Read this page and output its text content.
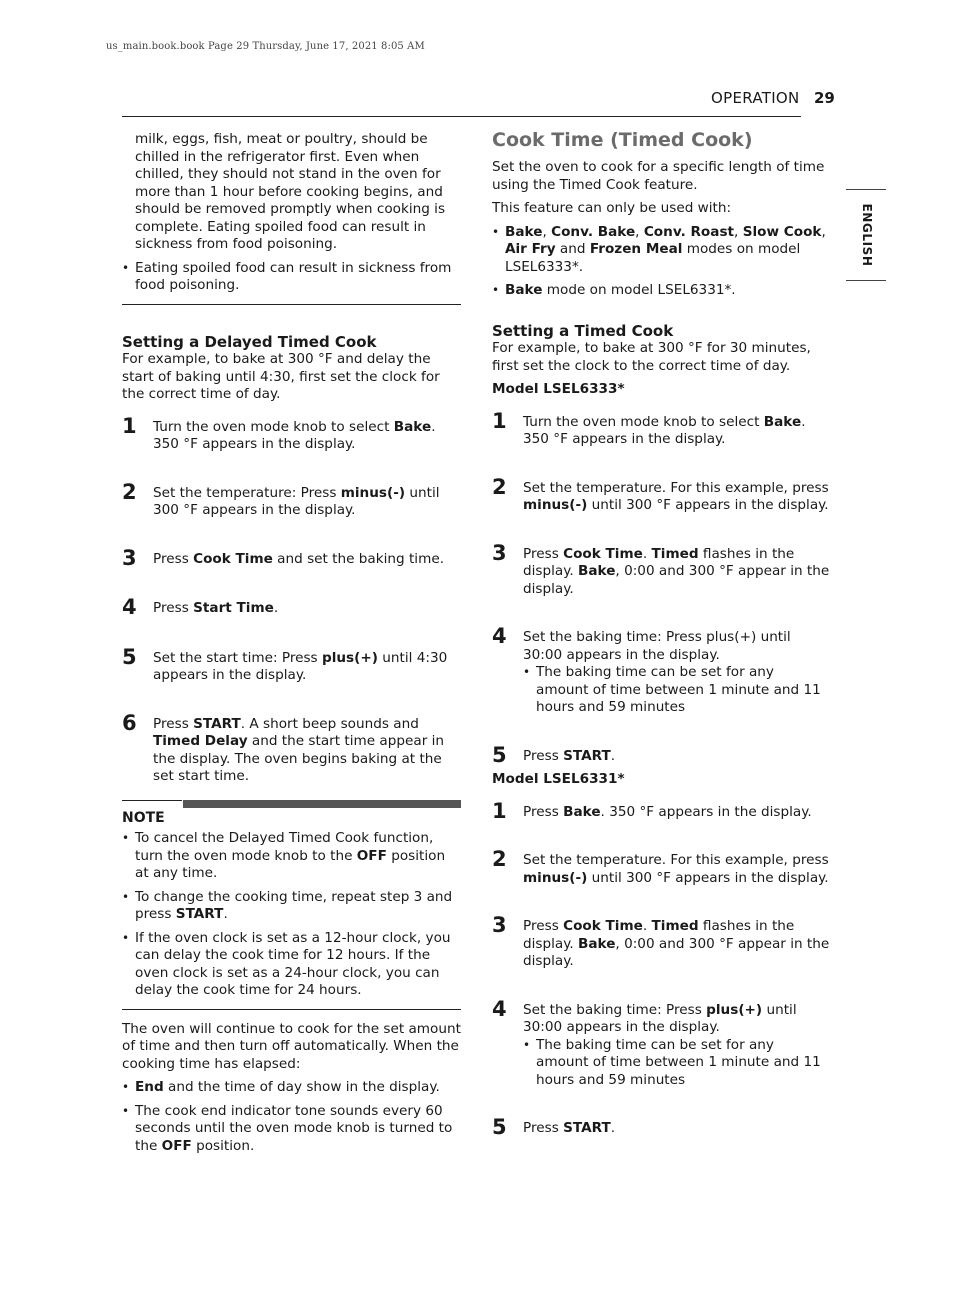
us_main.book.book Page 29 Thursday, June 17, 2021 8:05 AM
OPERATION 29
ENGLISH

milk, eggs, fish, meat or poultry, should be chilled in the refrigerator first. Even when chilled, they should not stand in the oven for more than 1 hour before cooking begins, and should be removed promptly when cooking is complete. Eating spoiled food can result in sickness from food poisoning.

• Eating spoiled food can result in sickness from food poisoning.
Setting a Delayed Timed Cook

For example, to bake at 300 °F and delay the start of baking until 4:30, first set the clock for the correct time of day.

1 Turn the oven mode knob to select Bake. 350 °F appears in the display.

2 Set the temperature: Press minus(-) until 300 °F appears in the display.

3 Press Cook Time and set the baking time.

4 Press Start Time.

5 Set the start time: Press plus(+) until 4:30 appears in the display.

6 Press START. A short beep sounds and Timed Delay and the start time appear in the display. The oven begins baking at the set start time.

NOTE
• To cancel the Delayed Timed Cook function, turn the oven mode knob to the OFF position at any time.
• To change the cooking time, repeat step 3 and press START.
• If the oven clock is set as a 12-hour clock, you can delay the cook time for 12 hours. If the oven clock is set as a 24-hour clock, you can delay the cook time for 24 hours.

The oven will continue to cook for the set amount of time and then turn off automatically. When the cooking time has elapsed:

• End and the time of day show in the display.
• The cook end indicator tone sounds every 60 seconds until the oven mode knob is turned to the OFF position.
Cook Time (Timed Cook)

Set the oven to cook for a specific length of time using the Timed Cook feature.

This feature can only be used with:

• Bake, Conv. Bake, Conv. Roast, Slow Cook, Air Fry and Frozen Meal modes on model LSEL6333*.
• Bake mode on model LSEL6331*.
Setting a Timed Cook

For example, to bake at 300 °F for 30 minutes, first set the clock to the correct time of day.

Model LSEL6333*
1 Turn the oven mode knob to select Bake. 350 °F appears in the display.

2 Set the temperature. For this example, press minus(-) until 300 °F appears in the display.

3 Press Cook Time. Timed flashes in the display. Bake, 0:00 and 300 °F appear in the display.

4 Set the baking time: Press plus(+) until 30:00 appears in the display.

• The baking time can be set for any amount of time between 1 minute and 11 hours and 59 minutes
5 Press START.

Model LSEL6331*
1 Press Bake. 350 °F appears in the display.

2 Set the temperature. For this example, press minus(-) until 300 °F appears in the display.

3 Press Cook Time. Timed flashes in the display. Bake, 0:00 and 300 °F appear in the display.

4 Set the baking time: Press plus(+) until 30:00 appears in the display.

• The baking time can be set for any amount of time between 1 minute and 11 hours and 59 minutes
5 Press START.
